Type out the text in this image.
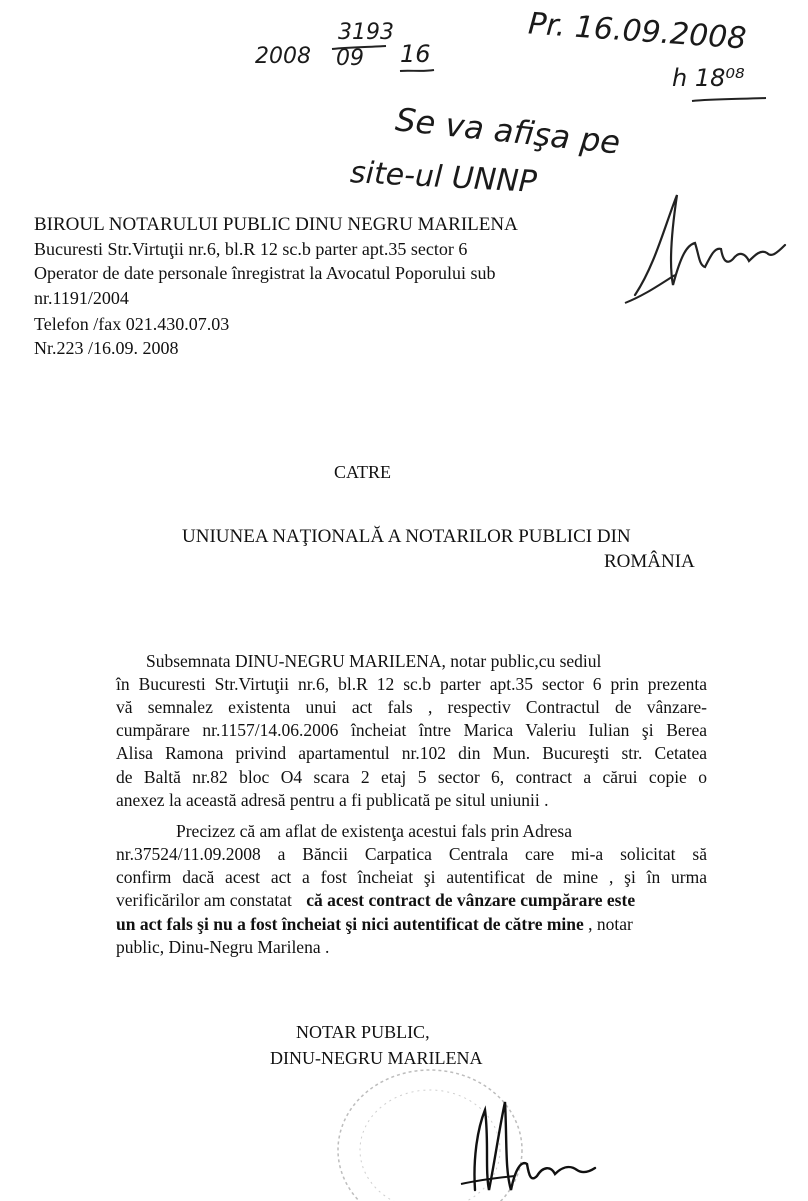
2008
3193
09 16	Pr. 16.09.2008
h 18⁰⁸
Se va afişa pe
site-ul UNNP
BIROUL NOTARULUI PUBLIC DINU NEGRU MARILENA
Bucuresti Str.Virtuţii nr.6, bl.R 12 sc.b parter apt.35 sector 6
Operator de date personale înregistrat la Avocatul Poporului sub
nr.1191/2004
Telefon /fax 021.430.07.03
Nr.223 /16.09. 2008
CATRE
UNIUNEA NAŢIONALĂ A NOTARILOR PUBLICI DIN
ROMÂNIA
Subsemnata DINU-NEGRU MARILENA, notar public,cu sediul
în Bucuresti Str.Virtuţii nr.6, bl.R 12 sc.b parter apt.35 sector 6 prin prezenta
vă semnalez existenta unui act fals , respectiv Contractul de vânzare-
cumpărare nr.1157/14.06.2006 încheiat între Marica Valeriu Iulian şi Berea
Alisa Ramona privind apartamentul nr.102 din Mun. Bucureşti str. Cetatea
de Baltă nr.82 bloc O4 scara 2 etaj 5 sector 6, contract a cărui copie o
anexez la această adresă pentru a fi publicată pe situl uniunii .
Precizez că am aflat de existenţa acestui fals prin Adresa
nr.37524/11.09.2008 a Băncii Carpatica Centrala care mi-a solicitat să
confirm dacă acest act a fost încheiat şi autentificat de mine , şi în urma
verificărilor am constatat că acest contract de vânzare cumpărare este
un act fals şi nu a fost încheiat şi nici autentificat de către mine , notar
public, Dinu-Negru Marilena .
NOTAR PUBLIC,
DINU-NEGRU MARILENA
